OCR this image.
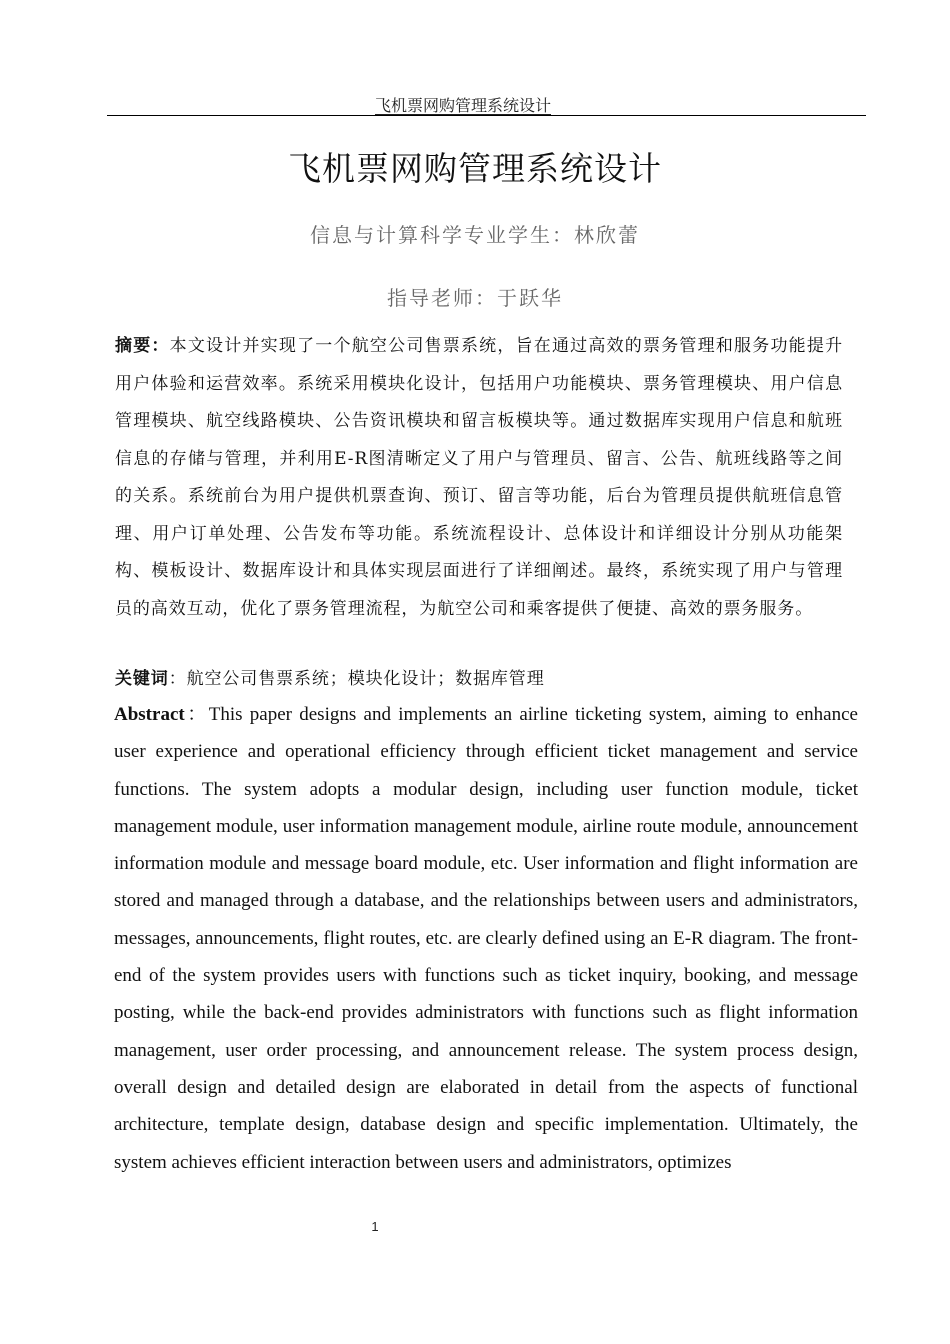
飞机票网购管理系统设计
飞机票网购管理系统设计
信息与计算科学专业学生：林欣蕾
指导老师：于跃华

摘要：本文设计并实现了一个航空公司售票系统，旨在通过高效的票务管理和服务功能提升用户体验和运营效率。系统采用模块化设计，包括用户功能模块、票务管理模块、用户信息管理模块、航空线路模块、公告资讯模块和留言板模块等。通过数据库实现用户信息和航班信息的存储与管理，并利用E-R图清晰定义了用户与管理员、留言、公告、航班线路等之间的关系。系统前台为用户提供机票查询、预订、留言等功能，后台为管理员提供航班信息管理、用户订单处理、公告发布等功能。系统流程设计、总体设计和详细设计分别从功能架构、模板设计、数据库设计和具体实现层面进行了详细阐述。最终，系统实现了用户与管理员的高效互动，优化了票务管理流程，为航空公司和乘客提供了便捷、高效的票务服务。

关键词：航空公司售票系统；模块化设计；数据库管理

Abstract：This paper designs and implements an airline ticketing system, aiming to enhance user experience and operational efficiency through efficient ticket management and service functions. The system adopts a modular design, including user function module, ticket management module, user information management module, airline route module, announcement information module and message board module, etc. User information and flight information are stored and managed through a database, and the relationships between users and administrators, messages, announcements, flight routes, etc. are clearly defined using an E-R diagram. The front-end of the system provides users with functions such as ticket inquiry, booking, and message posting, while the back-end provides administrators with functions such as flight information management, user order processing, and announcement release. The system process design, overall design and detailed design are elaborated in detail from the aspects of functional architecture, template design, database design and specific implementation. Ultimately, the system achieves efficient interaction between users and administrators, optimizes

1
